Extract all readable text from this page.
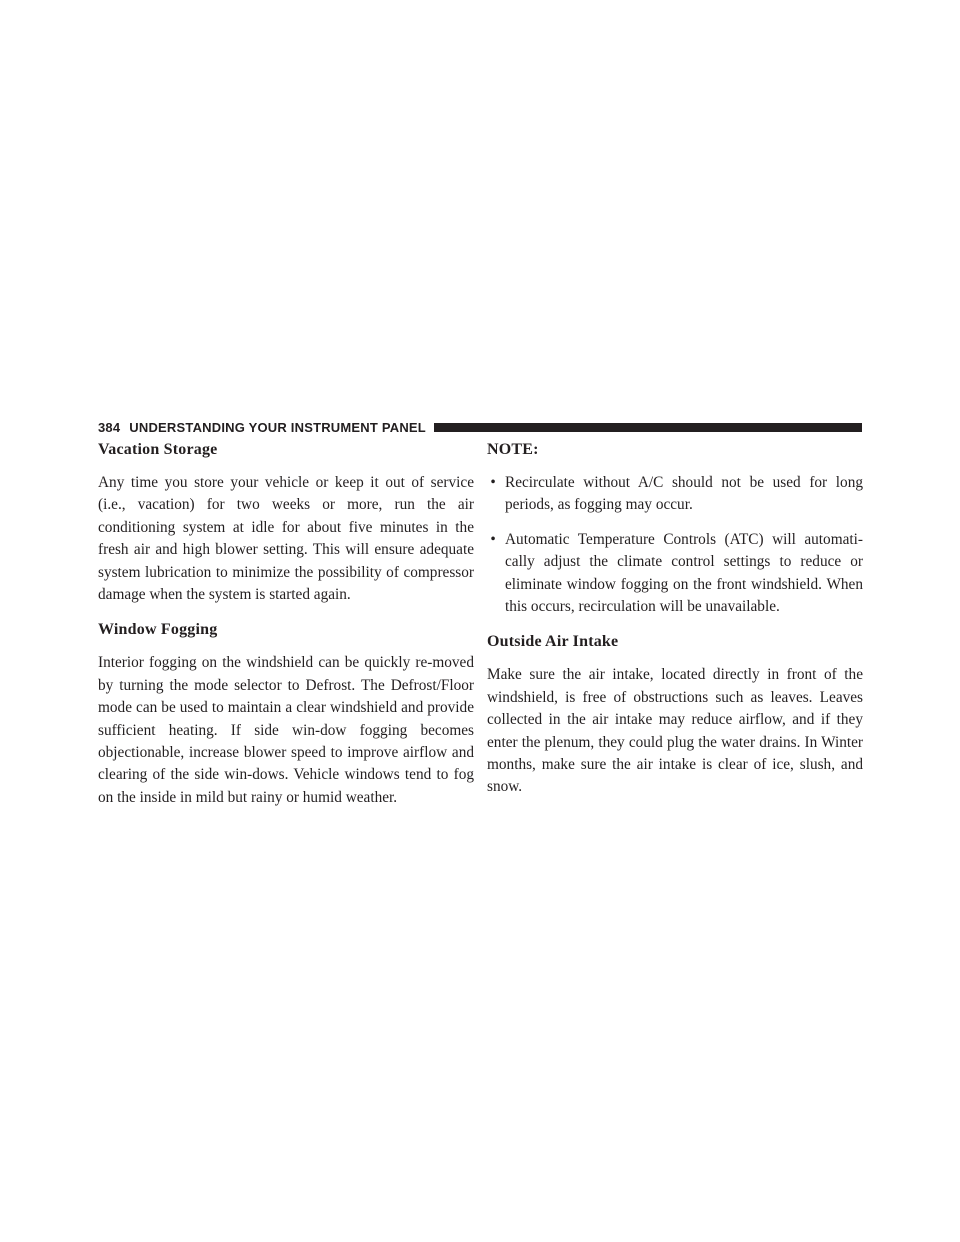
384 UNDERSTANDING YOUR INSTRUMENT PANEL
Vacation Storage

Any time you store your vehicle or keep it out of service (i.e., vacation) for two weeks or more, run the air conditioning system at idle for about five minutes in the fresh air and high blower setting. This will ensure adequate system lubrication to minimize the possibility of compressor damage when the system is started again.

Window Fogging

Interior fogging on the windshield can be quickly re-moved by turning the mode selector to Defrost. The Defrost/Floor mode can be used to maintain a clear windshield and provide sufficient heating. If side win-dow fogging becomes objectionable, increase blower speed to improve airflow and clearing of the side win-dows. Vehicle windows tend to fog on the inside in mild but rainy or humid weather.

NOTE:
• Recirculate without A/C should not be used for long periods, as fogging may occur.
• Automatic Temperature Controls (ATC) will automati-cally adjust the climate control settings to reduce or eliminate window fogging on the front windshield. When this occurs, recirculation will be unavailable.
Outside Air Intake

Make sure the air intake, located directly in front of the windshield, is free of obstructions such as leaves. Leaves collected in the air intake may reduce airflow, and if they enter the plenum, they could plug the water drains. In Winter months, make sure the air intake is clear of ice, slush, and snow.
